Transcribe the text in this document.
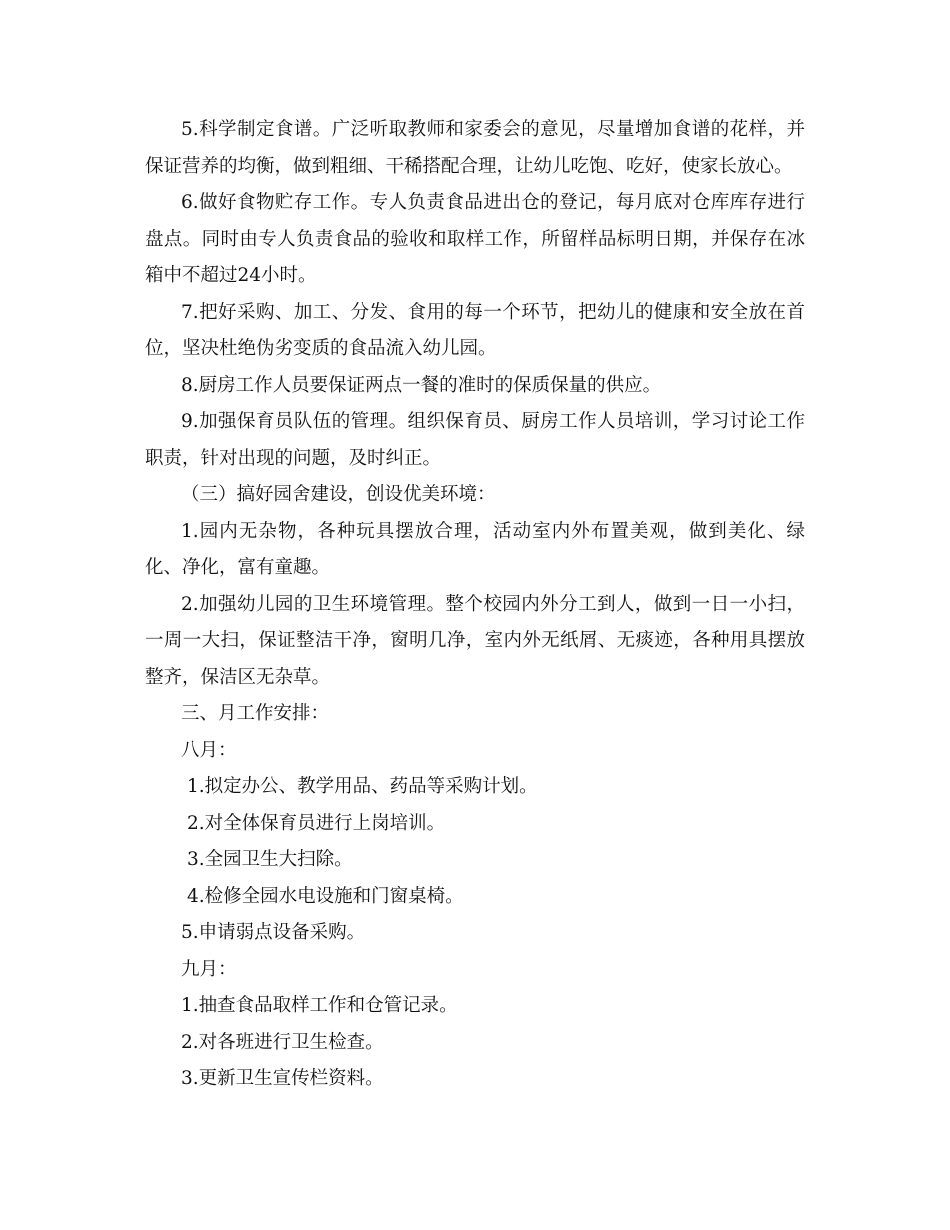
5.科学制定食谱。广泛听取教师和家委会的意见，尽量增加食谱的花样，并保证营养的均衡，做到粗细、干稀搭配合理，让幼儿吃饱、吃好，使家长放心。

6.做好食物贮存工作。专人负责食品进出仓的登记，每月底对仓库库存进行盘点。同时由专人负责食品的验收和取样工作，所留样品标明日期，并保存在冰箱中不超过24小时。

7.把好采购、加工、分发、食用的每一个环节，把幼儿的健康和安全放在首位，坚决杜绝伪劣变质的食品流入幼儿园。

8.厨房工作人员要保证两点一餐的准时的保质保量的供应。

9.加强保育员队伍的管理。组织保育员、厨房工作人员培训，学习讨论工作职责，针对出现的问题，及时纠正。

（三）搞好园舍建设，创设优美环境：

1.园内无杂物，各种玩具摆放合理，活动室内外布置美观，做到美化、绿化、净化，富有童趣。

2.加强幼儿园的卫生环境管理。整个校园内外分工到人，做到一日一小扫，一周一大扫，保证整洁干净，窗明几净，室内外无纸屑、无痰迹，各种用具摆放整齐，保洁区无杂草。

三、月工作安排：

八月：

1.拟定办公、教学用品、药品等采购计划。

2.对全体保育员进行上岗培训。

3.全园卫生大扫除。

4.检修全园水电设施和门窗桌椅。

5.申请弱点设备采购。

九月：

1.抽查食品取样工作和仓管记录。

2.对各班进行卫生检查。

3.更新卫生宣传栏资料。
